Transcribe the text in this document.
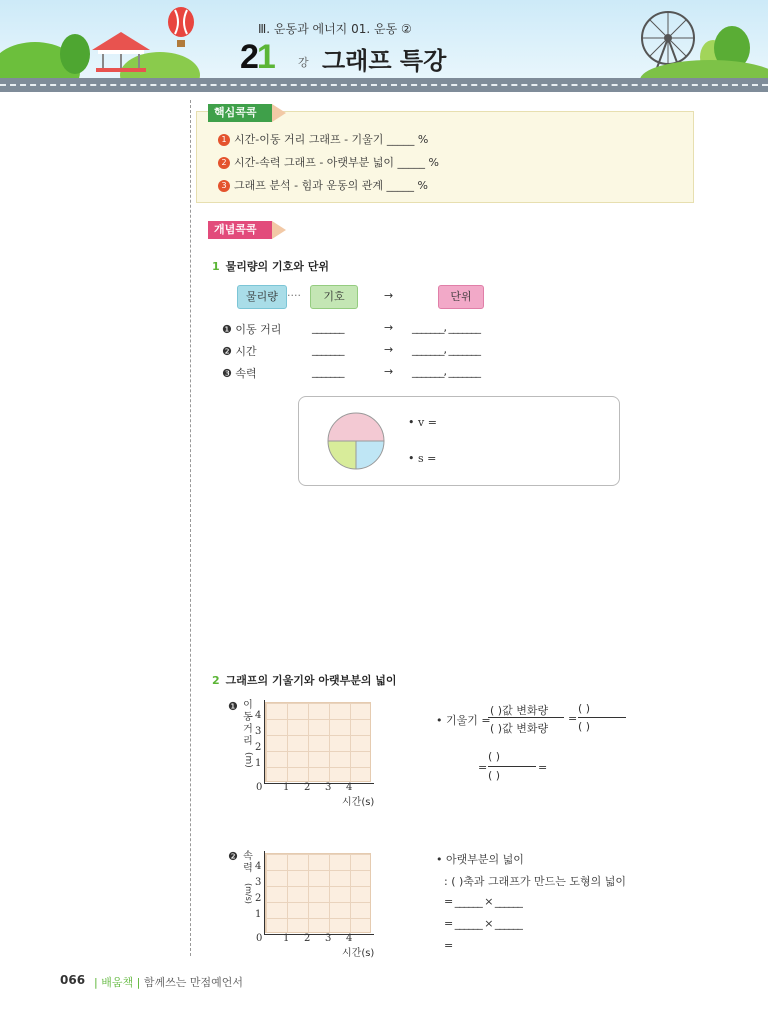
Ⅲ. 운동과 에너지 01. 운동 ②
21 강 그래프 특강
핵심콕콕
1 시간-이동 거리 그래프 - 기울기 _____ %
2 시간-속력 그래프 - 아랫부분 넓이 _____ %
3 그래프 분석 - 힘과 운동의 관계 _____ %
개념콕콕
1 물리량의 기호와 단위
물리량 ····	기호	→	단위
❶ 이동 거리	_______	→ _______, _______
❷ 시간	_______	→ _______, _______
❸ 속력	_______	→ _______, _______
• v =
• s =
2 그래프의 기울기와 아랫부분의 넓이
❶ 이
동
거
리
(m)
4
3
2
1
0 1 2 3 4
시간(s)
• 기울기 =
( )값 변화량
( )값 변화량
=
( )
( )
=
( )
( )
=
❷ 속
력
(m/s)
4
3
2
1
0 1 2 3 4
시간(s)
• 아랫부분의 넓이
: ( )축과 그래프가 만드는 도형의 넓이
= ______ × ______
= ______ × ______
=
066 | 배움책 | 함께쓰는 만점예언서
